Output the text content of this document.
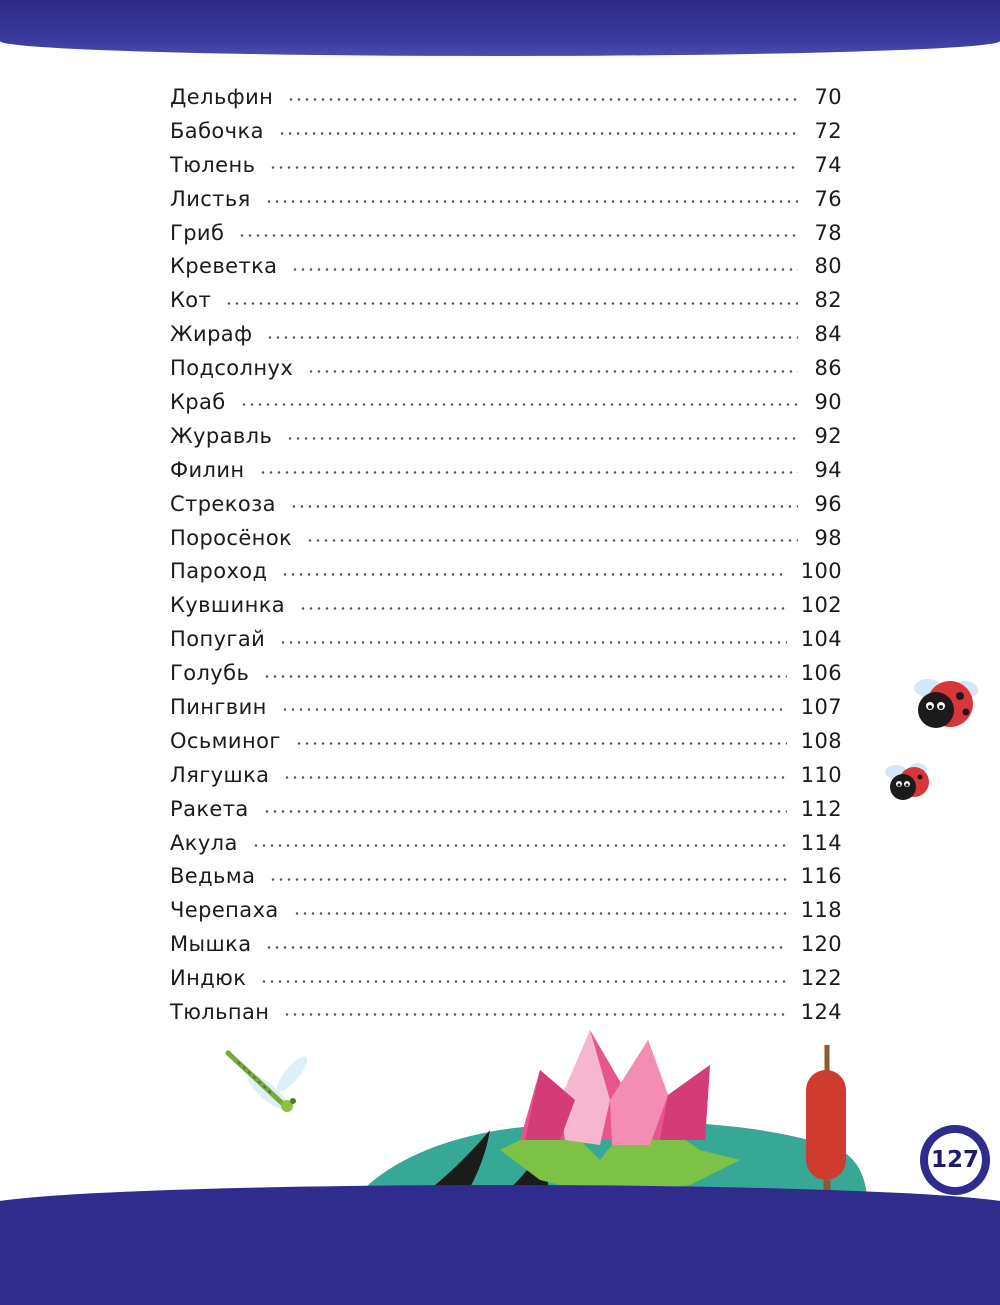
Дельфин	70
Бабочка	72
Тюлень	74
Листья	76
Гриб	78
Креветка	80
Кот	82
Жираф	84
Подсолнух	86
Краб	90
Журавль	92
Филин	94
Стрекоза	96
Поросёнок	98
Пароход	100
Кувшинка	102
Попугай	104
Голубь	106
Пингвин	107
Осьминог	108
Лягушка	110
Ракета	112
Акула	114
Ведьма	116
Черепаха	118
Мышка	120
Индюк	122
Тюльпан	124
127
